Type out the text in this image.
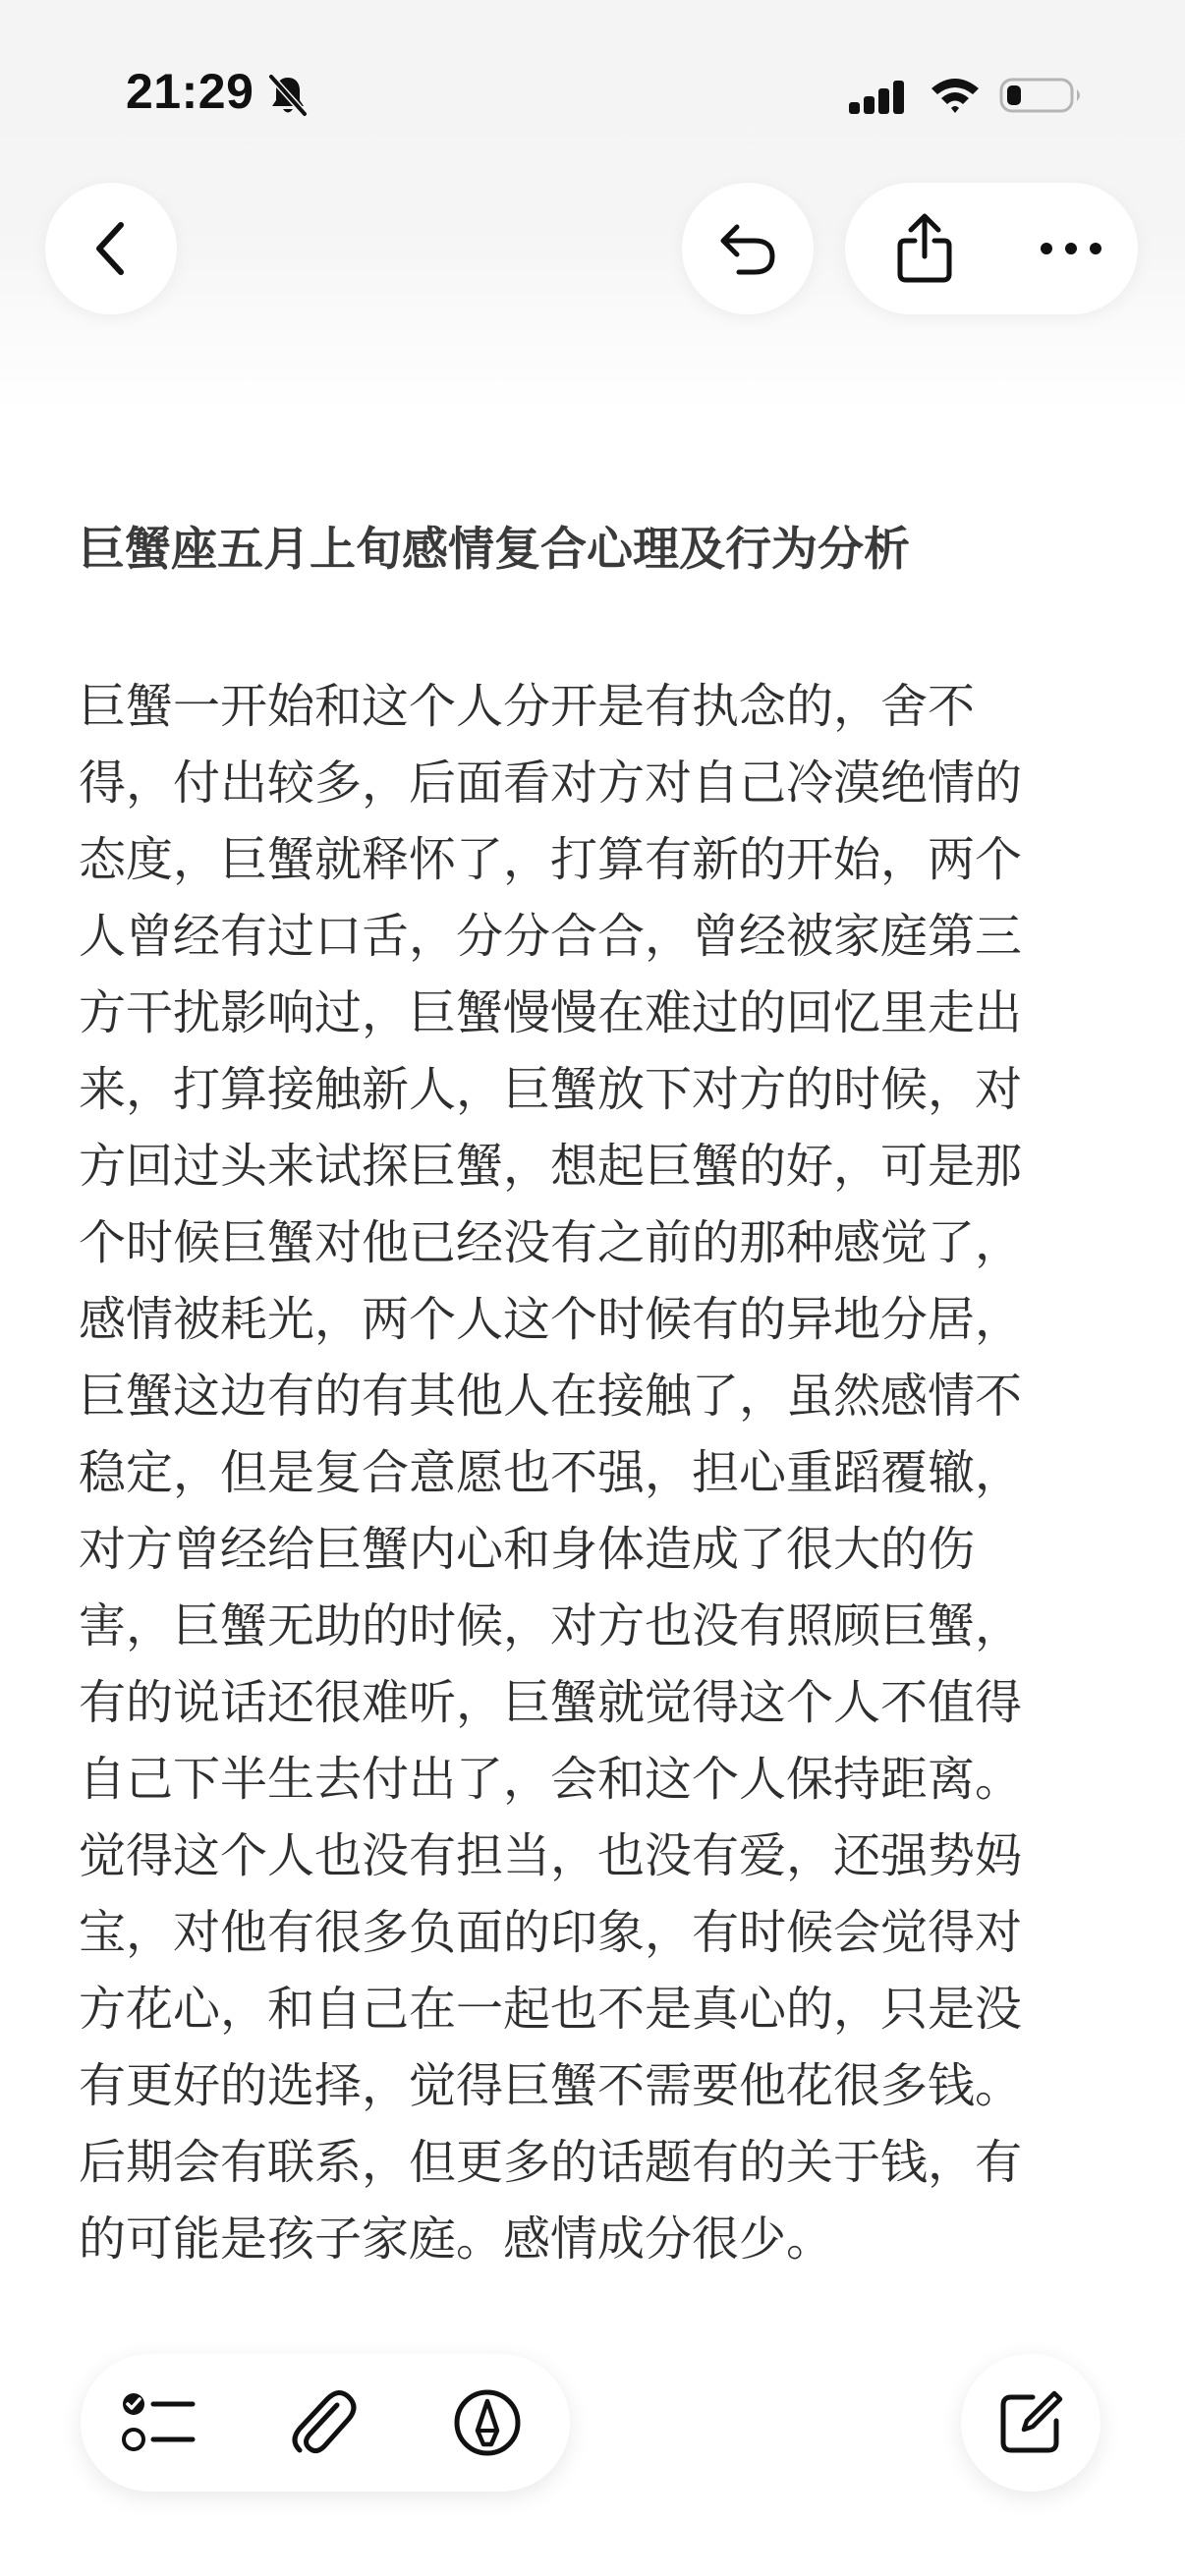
21:29
巨蟹座五月上旬感情复合心理及行为分析
巨蟹一开始和这个人分开是有执念的，舍不
得，付出较多，后面看对方对自己冷漠绝情的
态度，巨蟹就释怀了，打算有新的开始，两个
人曾经有过口舌，分分合合，曾经被家庭第三
方干扰影响过，巨蟹慢慢在难过的回忆里走出
来，打算接触新人，巨蟹放下对方的时候，对
方回过头来试探巨蟹，想起巨蟹的好，可是那
个时候巨蟹对他已经没有之前的那种感觉了，
感情被耗光，两个人这个时候有的异地分居，
巨蟹这边有的有其他人在接触了，虽然感情不
稳定，但是复合意愿也不强，担心重蹈覆辙，
对方曾经给巨蟹内心和身体造成了很大的伤
害，巨蟹无助的时候，对方也没有照顾巨蟹，
有的说话还很难听，巨蟹就觉得这个人不值得
自己下半生去付出了，会和这个人保持距离。
觉得这个人也没有担当，也没有爱，还强势妈
宝，对他有很多负面的印象，有时候会觉得对
方花心，和自己在一起也不是真心的，只是没
有更好的选择，觉得巨蟹不需要他花很多钱。
后期会有联系，但更多的话题有的关于钱，有
的可能是孩子家庭。感情成分很少。
